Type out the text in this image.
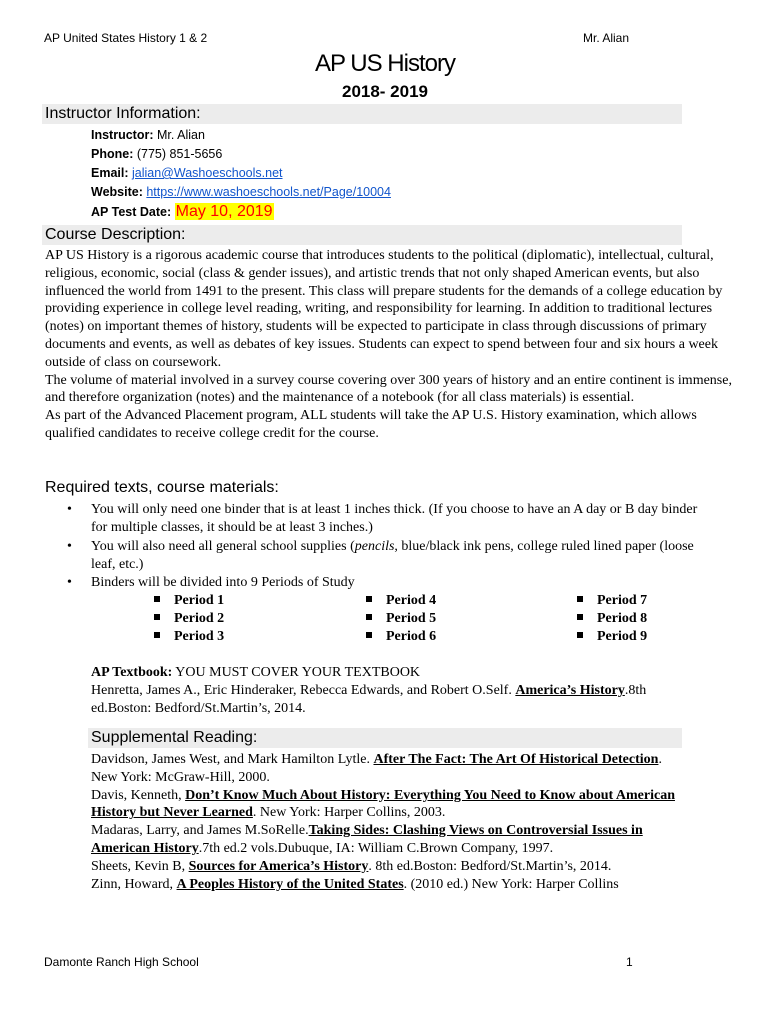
AP United States History 1 & 2	Mr. Alian
AP US History
2018- 2019
Instructor Information:
Instructor: Mr. Alian
Phone: (775) 851-5656
Email: jalian@Washoeschools.net
Website: https://www.washoeschools.net/Page/10004
AP Test Date: May 10, 2019
Course Description:

AP US History is a rigorous academic course that introduces students to the political (diplomatic), intellectual, cultural, religious, economic, social (class & gender issues), and artistic trends that not only shaped American events, but also influenced the world from 1491 to the present. This class will prepare students for the demands of a college education by providing experience in college level reading, writing, and responsibility for learning. In addition to traditional lectures (notes) on important themes of history, students will be expected to participate in class through discussions of primary documents and events, as well as debates of key issues. Students can expect to spend between four and six hours a week outside of class on coursework.

The volume of material involved in a survey course covering over 300 years of history and an entire continent is immense, and therefore organization (notes) and the maintenance of a notebook (for all class materials) is essential.

As part of the Advanced Placement program, ALL students will take the AP U.S. History examination, which allows qualified candidates to receive college credit for the course.

Required texts, course materials:
• You will only need one binder that is at least 1 inches thick. (If you choose to have an A day or B day binder for multiple classes, it should be at least 3 inches.)
• You will also need all general school supplies (pencils, blue/black ink pens, college ruled lined paper (loose leaf, etc.)
• Binders will be divided into 9 Periods of Study
Period 1
Period 2
Period 3
Period 4
Period 5
Period 6
Period 7
Period 8
Period 9

AP Textbook: YOU MUST COVER YOUR TEXTBOOK

Henretta, James A., Eric Hinderaker, Rebecca Edwards, and Robert O.Self. America’s History.8th ed.Boston: Bedford/St.Martin’s, 2014.

Supplemental Reading:

Davidson, James West, and Mark Hamilton Lytle. After The Fact: The Art Of Historical Detection. New York: McGraw-Hill, 2000.

Davis, Kenneth, Don’t Know Much About History: Everything You Need to Know about American History but Never Learned. New York: Harper Collins, 2003.

Madaras, Larry, and James M.SoRelle.Taking Sides: Clashing Views on Controversial Issues in American History.7th ed.2 vols.Dubuque, IA: William C.Brown Company, 1997.

Sheets, Kevin B, Sources for America’s History. 8th ed.Boston: Bedford/St.Martin’s, 2014.

Zinn, Howard, A Peoples History of the United States. (2010 ed.) New York: Harper Collins

Damonte Ranch High School	1
